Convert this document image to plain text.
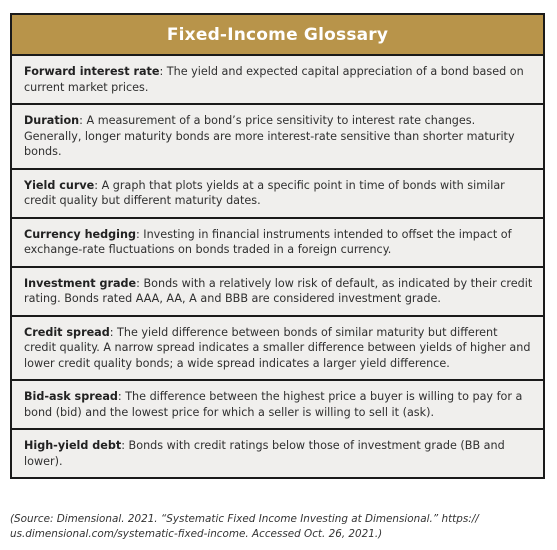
Fixed-Income Glossary
Forward interest rate: The yield and expected capital appreciation of a bond based on current market prices.
Duration: A measurement of a bond’s price sensitivity to interest rate changes. Generally, longer maturity bonds are more interest-rate sensitive than shorter maturity bonds.
Yield curve: A graph that plots yields at a specific point in time of bonds with similar credit quality but different maturity dates.
Currency hedging: Investing in financial instruments intended to offset the impact of exchange-rate fluctuations on bonds traded in a foreign currency.
Investment grade: Bonds with a relatively low risk of default, as indicated by their credit rating. Bonds rated AAA, AA, A and BBB are considered investment grade.
Credit spread: The yield difference between bonds of similar maturity but different credit quality. A narrow spread indicates a smaller difference between yields of higher and lower credit quality bonds; a wide spread indicates a larger yield difference.
Bid-ask spread: The difference between the highest price a buyer is willing to pay for a bond (bid) and the lowest price for which a seller is willing to sell it (ask).
High-yield debt: Bonds with credit ratings below those of investment grade (BB and lower).
(Source: Dimensional. 2021. “Systematic Fixed Income Investing at Dimensional.” https:// us.dimensional.com/systematic-fixed-income. Accessed Oct. 26, 2021.)
